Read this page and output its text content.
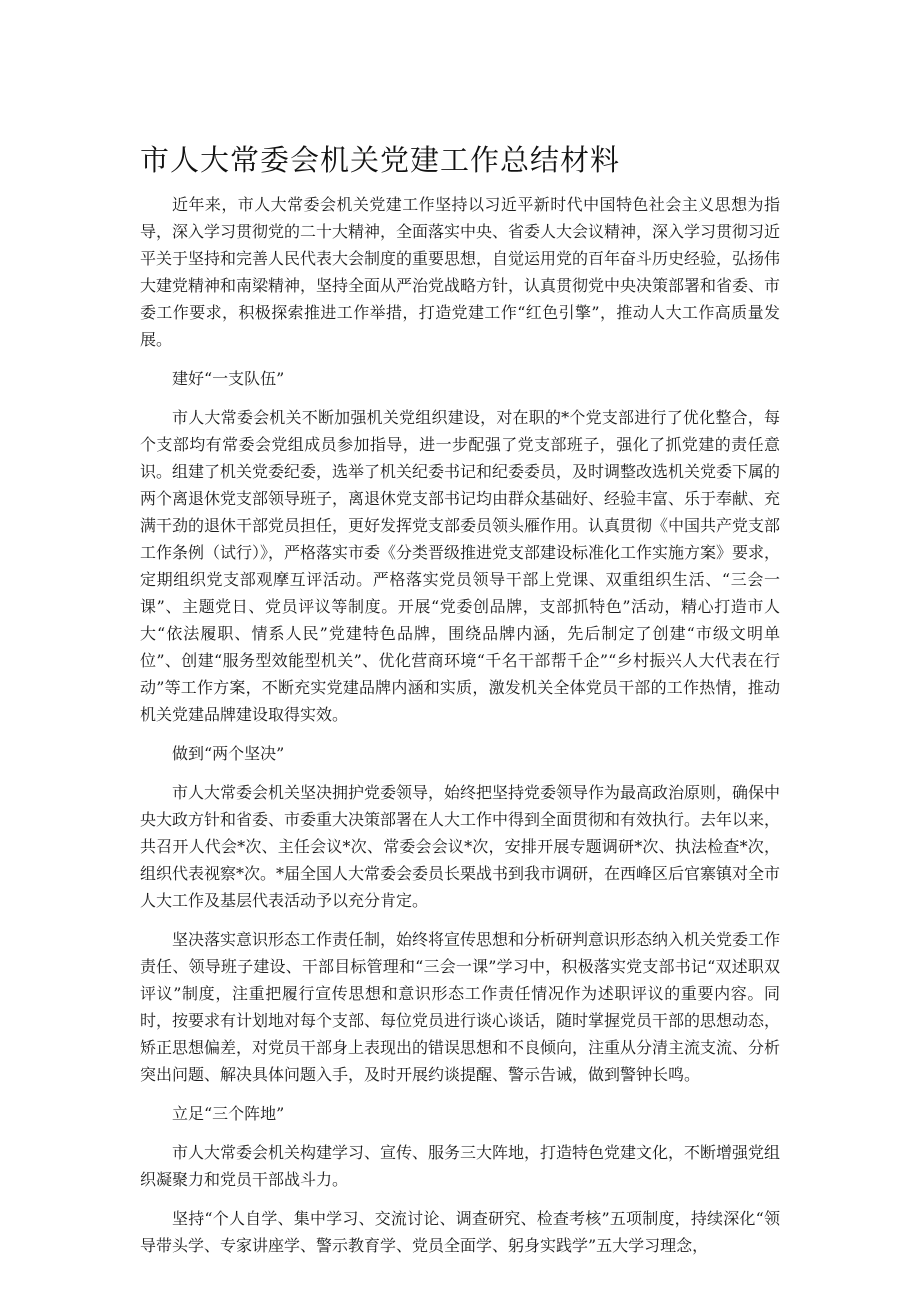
市人大常委会机关党建工作总结材料

近年来，市人大常委会机关党建工作坚持以习近平新时代中国特色社会主义思想为指导，深入学习贯彻党的二十大精神，全面落实中央、省委人大会议精神，深入学习贯彻习近平关于坚持和完善人民代表大会制度的重要思想，自觉运用党的百年奋斗历史经验，弘扬伟大建党精神和南梁精神，坚持全面从严治党战略方针，认真贯彻党中央决策部署和省委、市委工作要求，积极探索推进工作举措，打造党建工作“红色引擎”，推动人大工作高质量发展。

建好“一支队伍”

市人大常委会机关不断加强机关党组织建设，对在职的*个党支部进行了优化整合，每个支部均有常委会党组成员参加指导，进一步配强了党支部班子，强化了抓党建的责任意识。组建了机关党委纪委，选举了机关纪委书记和纪委委员，及时调整改选机关党委下属的两个离退休党支部领导班子，离退休党支部书记均由群众基础好、经验丰富、乐于奉献、充满干劲的退休干部党员担任，更好发挥党支部委员领头雁作用。认真贯彻《中国共产党支部工作条例（试行）》，严格落实市委《分类晋级推进党支部建设标准化工作实施方案》要求，定期组织党支部观摩互评活动。严格落实党员领导干部上党课、双重组织生活、“三会一课”、主题党日、党员评议等制度。开展“党委创品牌，支部抓特色”活动，精心打造市人大“依法履职、情系人民”党建特色品牌，围绕品牌内涵，先后制定了创建“市级文明单位”、创建“服务型效能型机关”、优化营商环境“千名干部帮千企”“乡村振兴人大代表在行动”等工作方案，不断充实党建品牌内涵和实质，激发机关全体党员干部的工作热情，推动机关党建品牌建设取得实效。

做到“两个坚决”

市人大常委会机关坚决拥护党委领导，始终把坚持党委领导作为最高政治原则，确保中央大政方针和省委、市委重大决策部署在人大工作中得到全面贯彻和有效执行。去年以来，共召开人代会*次、主任会议*次、常委会会议*次，安排开展专题调研*次、执法检查*次，组织代表视察*次。*届全国人大常委会委员长栗战书到我市调研，在西峰区后官寨镇对全市人大工作及基层代表活动予以充分肯定。

坚决落实意识形态工作责任制，始终将宣传思想和分析研判意识形态纳入机关党委工作责任、领导班子建设、干部目标管理和“三会一课”学习中，积极落实党支部书记“双述职双评议”制度，注重把履行宣传思想和意识形态工作责任情况作为述职评议的重要内容。同时，按要求有计划地对每个支部、每位党员进行谈心谈话，随时掌握党员干部的思想动态，矫正思想偏差，对党员干部身上表现出的错误思想和不良倾向，注重从分清主流支流、分析突出问题、解决具体问题入手，及时开展约谈提醒、警示告诫，做到警钟长鸣。

立足“三个阵地”

市人大常委会机关构建学习、宣传、服务三大阵地，打造特色党建文化，不断增强党组织凝聚力和党员干部战斗力。

坚持“个人自学、集中学习、交流讨论、调查研究、检查考核”五项制度，持续深化“领导带头学、专家讲座学、警示教育学、党员全面学、躬身实践学”五大学习理念，
